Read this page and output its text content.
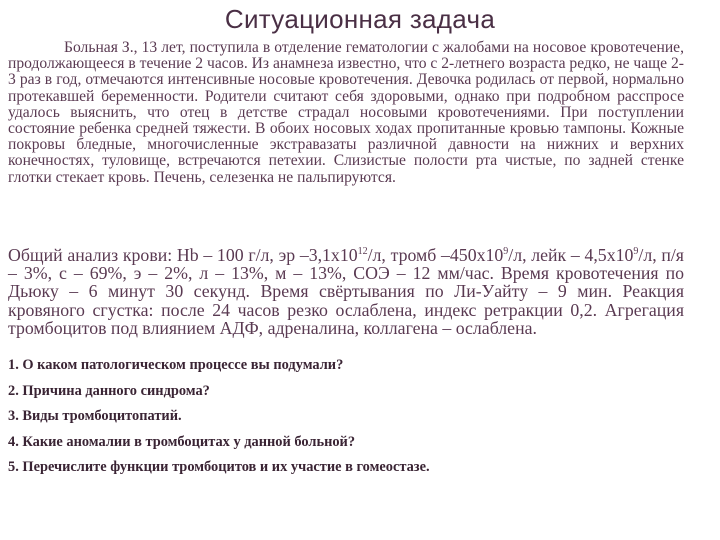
Ситуационная задача
Больная З., 13 лет, поступила в отделение гематологии с жалобами на носовое кровотечение, продолжающееся в течение 2 часов. Из анамнеза известно, что с 2-летнего возраста редко, не чаще 2-3 раз в год, отмечаются интенсивные носовые кровотечения. Девочка родилась от первой, нормально протекавшей беременности. Родители считают себя здоровыми, однако при подробном расспросе удалось выяснить, что отец в детстве страдал носовыми кровотечениями. При поступлении состояние ребенка средней тяжести. В обоих носовых ходах пропитанные кровью тампоны. Кожные покровы бледные, многочисленные экстравазаты различной давности на нижних и верхних конечностях, туловище, встречаются петехии. Слизистые полости рта чистые, по задней стенке глотки стекает кровь. Печень, селезенка не пальпируются.
Общий анализ крови: Hb – 100 г/л, эр $-3,1x10^{12}/л$, тромб $-450x10^9/л$, лейк – $4,5x10^9/л$, п/я – 3%, с – 69%, э – 2%, л – 13%, м – 13%, СОЭ – 12 мм/час. Время кровотечения по Дьюку – 6 минут 30 секунд. Время свёртывания по Ли-Уайту – 9 мин. Реакция кровяного сгустка: после 24 часов резко ослаблена, индекс ретракции 0,2. Агрегация тромбоцитов под влиянием АДФ, адреналина, коллагена – ослаблена.
1. О каком патологическом процессе вы подумали?
2. Причина данного синдрома?
3. Виды тромбоцитопатий.
4. Какие аномалии в тромбоцитах у данной больной?
5. Перечислите функции тромбоцитов и их участие в гомеостазе.
